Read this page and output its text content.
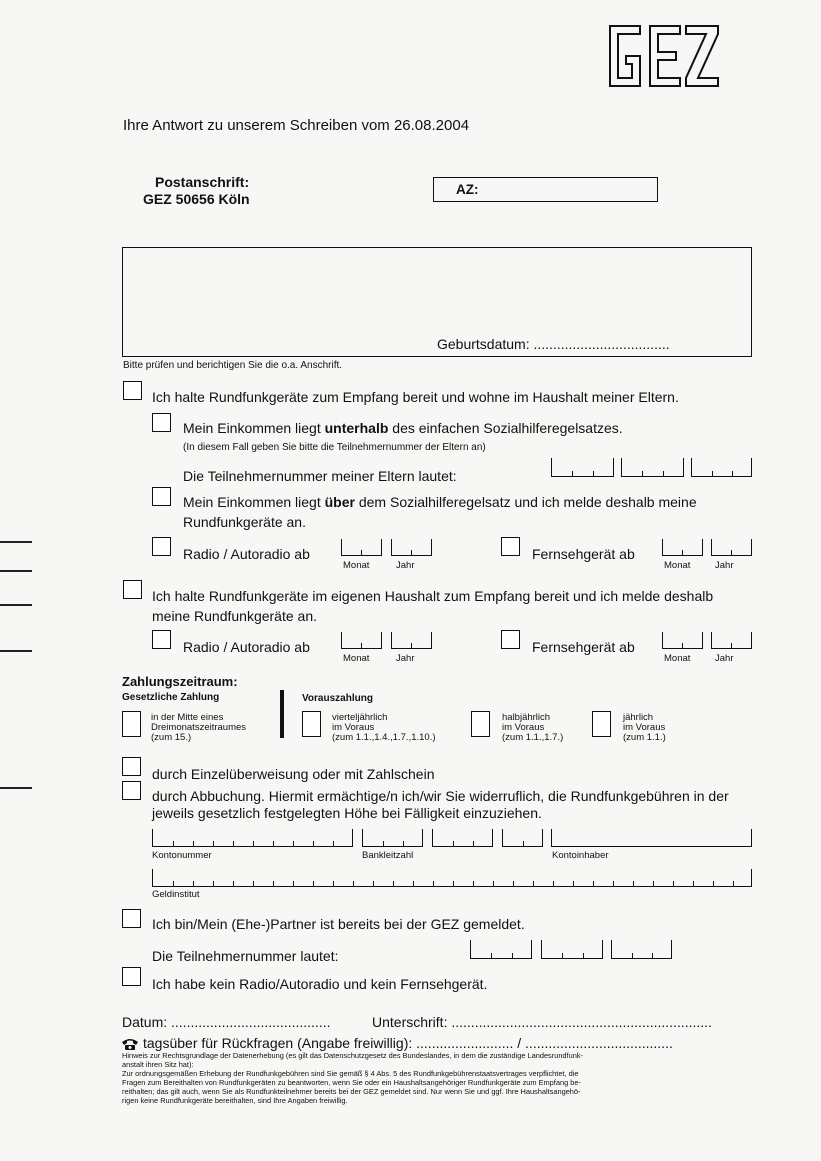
Ihre Antwort zu unserem Schreiben vom 26.08.2004
Postanschrift:
GEZ 50656 Köln
AZ:
Geburtsdatum: ...................................
Bitte prüfen und berichtigen Sie die o.a. Anschrift.
Ich halte Rundfunkgeräte zum Empfang bereit und wohne im Haushalt meiner Eltern.
Mein Einkommen liegt unterhalb des einfachen Sozialhilferegelsatzes.
(In diesem Fall geben Sie bitte die Teilnehmernummer der Eltern an)
Die Teilnehmernummer meiner Eltern lautet:
Mein Einkommen liegt über dem Sozialhilferegelsatz und ich melde deshalb meine
Rundfunkgeräte an.
Radio / Autoradio ab
Monat	Jahr
Fernsehgerät ab
Monat	Jahr
Ich halte Rundfunkgeräte im eigenen Haushalt zum Empfang bereit und ich melde deshalb
meine Rundfunkgeräte an.
Radio / Autoradio ab
Monat	Jahr
Fernsehgerät ab
Monat	Jahr
Zahlungszeitraum:
Gesetzliche Zahlung	Vorauszahlung
in der Mitte eines
Dreimonatszeitraumes
(zum 15.)
vierteljährlich
im Voraus
(zum 1.1.,1.4.,1.7.,1.10.)
halbjährlich
im Voraus
(zum 1.1.,1.7.)
jährlich
im Voraus
(zum 1.1.)
durch Einzelüberweisung oder mit Zahlschein
durch Abbuchung. Hiermit ermächtige/n ich/wir Sie widerruflich, die Rundfunkgebühren in der
jeweils gesetzlich festgelegten Höhe bei Fälligkeit einzuziehen.
Kontonummer	Bankleitzahl	Kontoinhaber
Geldinstitut
Ich bin/Mein (Ehe-)Partner ist bereits bei der GEZ gemeldet.
Die Teilnehmernummer lautet:
Ich habe kein Radio/Autoradio und kein Fernsehgerät.
Datum: .........................................	Unterschrift: ...................................................................
tagsüber für Rückfragen (Angabe freiwillig): ......................... / ......................................
Hinweis zur Rechtsgrundlage der Datenerhebung (es gilt das Datenschutzgesetz des Bundeslandes, in dem die zuständige Landesrundfunk-
anstalt ihren Sitz hat):
Zur ordnungsgemäßen Erhebung der Rundfunkgebühren sind Sie gemäß § 4 Abs. 5 des Rundfunkgebührenstaatsvertrages verpflichtet, die
Fragen zum Bereithalten von Rundfunkgeräten zu beantworten, wenn Sie oder ein Haushaltsangehöriger Rundfunkgeräte zum Empfang be-
reithalten; das gilt auch, wenn Sie als Rundfunkteilnehmer bereits bei der GEZ gemeldet sind. Nur wenn Sie und ggf. Ihre Haushaltsangehö-
rigen keine Rundfunkgeräte bereithalten, sind Ihre Angaben freiwillig.
